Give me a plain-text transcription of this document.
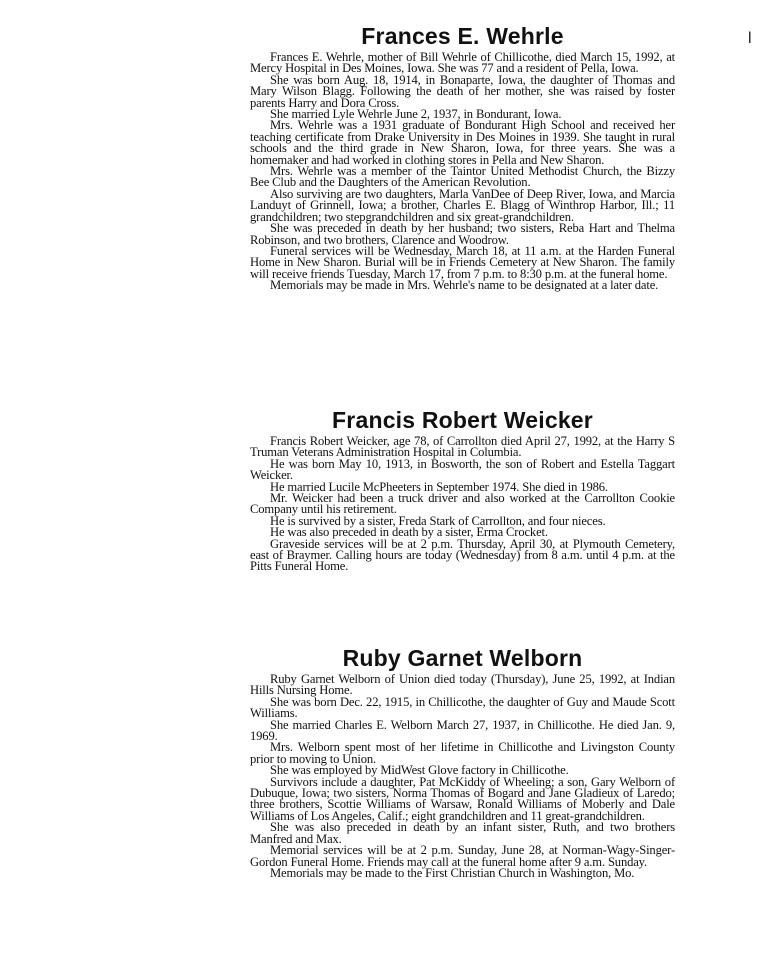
l
Frances E. Wehrle

Frances E. Wehrle, mother of Bill Wehrle of Chillicothe, died March 15, 1992, at Mercy Hospital in Des Moines, Iowa. She was 77 and a resident of Pella, Iowa.

She was born Aug. 18, 1914, in Bonaparte, Iowa, the daughter of Thomas and Mary Wilson Blagg. Following the death of her mother, she was raised by foster parents Harry and Dora Cross.

She married Lyle Wehrle June 2, 1937, in Bondurant, Iowa.

Mrs. Wehrle was a 1931 graduate of Bondurant High School and received her teaching certificate from Drake University in Des Moines in 1939. She taught in rural schools and the third grade in New Sharon, Iowa, for three years. She was a homemaker and had worked in clothing stores in Pella and New Sharon.

Mrs. Wehrle was a member of the Taintor United Methodist Church, the Bizzy Bee Club and the Daughters of the American Revolution.

Also surviving are two daughters, Marla VanDee of Deep River, Iowa, and Marcia Landuyt of Grinnell, Iowa; a brother, Charles E. Blagg of Winthrop Harbor, Ill.; 11 grandchildren; two stepgrandchildren and six great-grandchildren.

She was preceded in death by her husband; two sisters, Reba Hart and Thelma Robinson, and two brothers, Clarence and Woodrow.

Funeral services will be Wednesday, March 18, at 11 a.m. at the Harden Funeral Home in New Sharon. Burial will be in Friends Cemetery at New Sharon. The family will receive friends Tuesday, March 17, from 7 p.m. to 8:30 p.m. at the funeral home.

Memorials may be made in Mrs. Wehrle's name to be designated at a later date.

Francis Robert Weicker

Francis Robert Weicker, age 78, of Carrollton died April 27, 1992, at the Harry S Truman Veterans Administration Hospital in Columbia.

He was born May 10, 1913, in Bosworth, the son of Robert and Estella Taggart Weicker.

He married Lucile McPheeters in September 1974. She died in 1986.

Mr. Weicker had been a truck driver and also worked at the Carrollton Cookie Company until his retirement.

He is survived by a sister, Freda Stark of Carrollton, and four nieces.

He was also preceded in death by a sister, Erma Crocket.

Graveside services will be at 2 p.m. Thursday, April 30, at Plymouth Cemetery, east of Braymer. Calling hours are today (Wednesday) from 8 a.m. until 4 p.m. at the Pitts Funeral Home.

Ruby Garnet Welborn

Ruby Garnet Welborn of Union died today (Thursday), June 25, 1992, at Indian Hills Nursing Home.

She was born Dec. 22, 1915, in Chillicothe, the daughter of Guy and Maude Scott Williams.

She married Charles E. Welborn March 27, 1937, in Chillicothe. He died Jan. 9, 1969.

Mrs. Welborn spent most of her lifetime in Chillicothe and Livingston County prior to moving to Union.

She was employed by MidWest Glove factory in Chillicothe.

Survivors include a daughter, Pat McKiddy of Wheeling; a son, Gary Welborn of Dubuque, Iowa; two sisters, Norma Thomas of Bogard and Jane Gladieux of Laredo; three brothers, Scottie Williams of Warsaw, Ronald Williams of Moberly and Dale Williams of Los Angeles, Calif.; eight grandchildren and 11 great-grandchildren.

She was also preceded in death by an infant sister, Ruth, and two brothers Manfred and Max.

Memorial services will be at 2 p.m. Sunday, June 28, at Norman-Wagy-Singer-Gordon Funeral Home. Friends may call at the funeral home after 9 a.m. Sunday.

Memorials may be made to the First Christian Church in Washington, Mo.
